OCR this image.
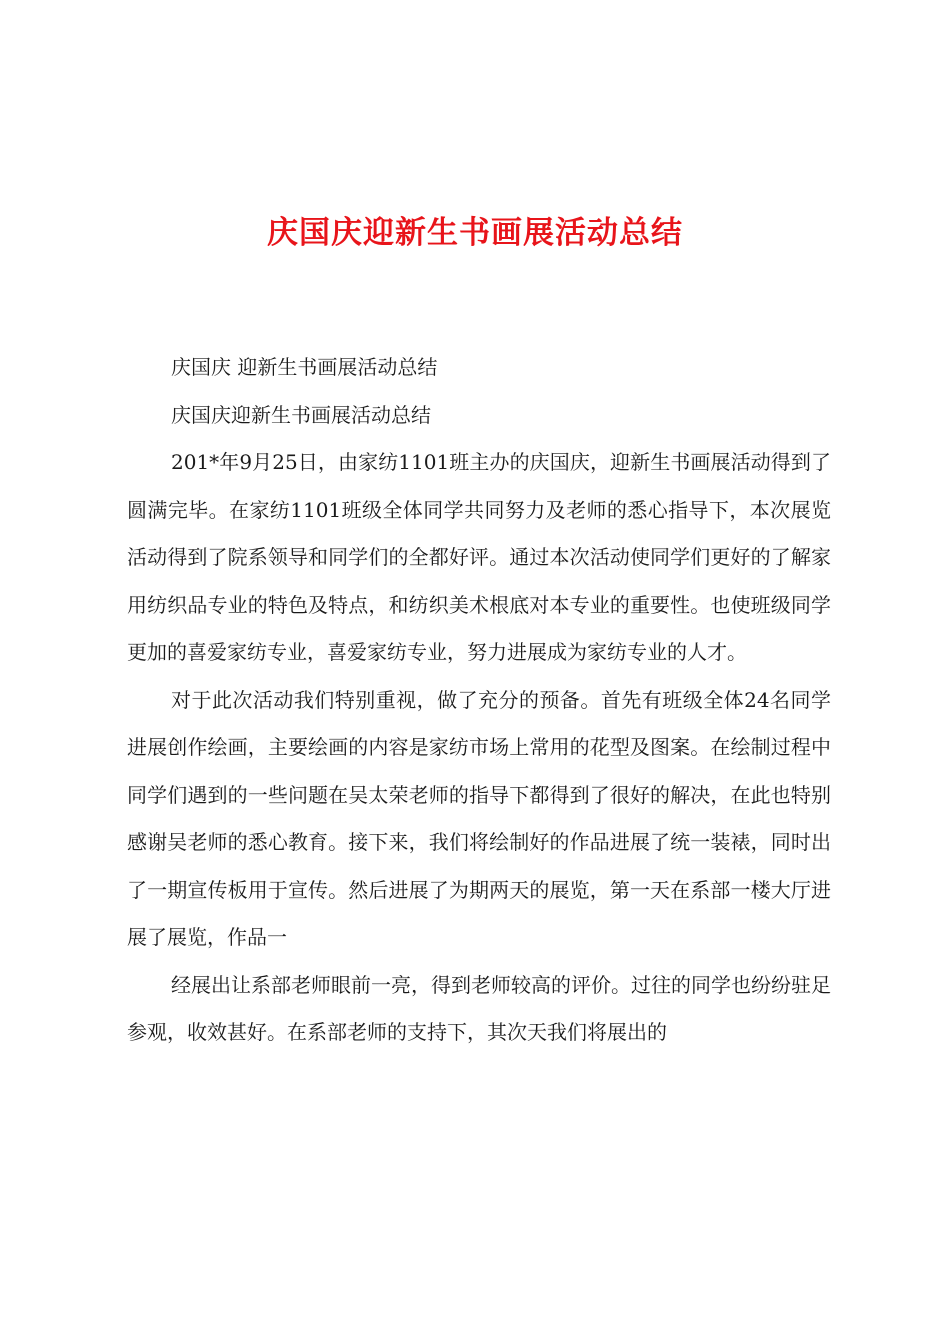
庆国庆迎新生书画展活动总结

庆国庆 迎新生书画展活动总结

庆国庆迎新生书画展活动总结

201*年9月25日，由家纺1101班主办的庆国庆，迎新生书画展活动得到了圆满完毕。在家纺1101班级全体同学共同努力及老师的悉心指导下，本次展览活动得到了院系领导和同学们的全都好评。通过本次活动使同学们更好的了解家用纺织品专业的特色及特点，和纺织美术根底对本专业的重要性。也使班级同学更加的喜爱家纺专业，喜爱家纺专业，努力进展成为家纺专业的人才。

对于此次活动我们特别重视，做了充分的预备。首先有班级全体24名同学进展创作绘画，主要绘画的内容是家纺市场上常用的花型及图案。在绘制过程中同学们遇到的一些问题在吴太荣老师的指导下都得到了很好的解决，在此也特别感谢吴老师的悉心教育。接下来，我们将绘制好的作品进展了统一装裱，同时出了一期宣传板用于宣传。然后进展了为期两天的展览，第一天在系部一楼大厅进展了展览，作品一

经展出让系部老师眼前一亮，得到老师较高的评价。过往的同学也纷纷驻足参观，收效甚好。在系部老师的支持下，其次天我们将展出的
